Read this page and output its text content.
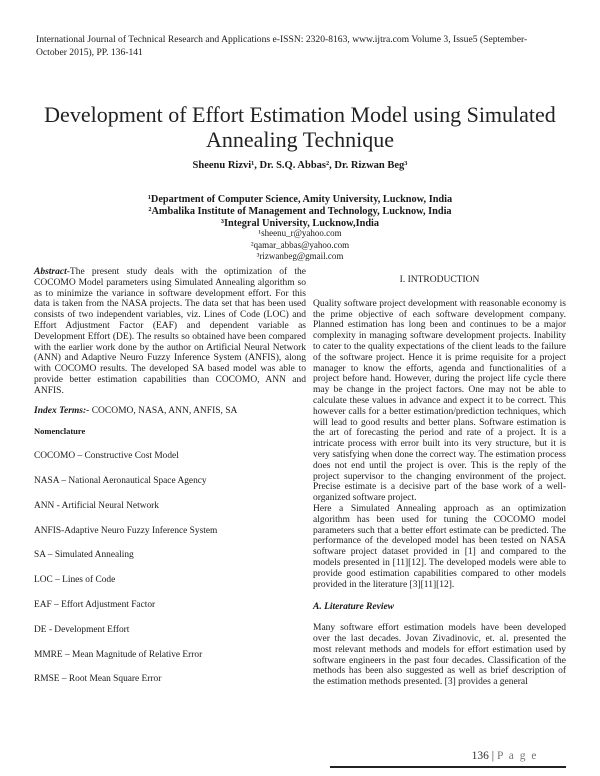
International Journal of Technical Research and Applications e-ISSN: 2320-8163, www.ijtra.com Volume 3, Issue5 (September-October 2015), PP. 136-141
Development of Effort Estimation Model using Simulated Annealing Technique
Sheenu Rizvi¹, Dr. S.Q. Abbas², Dr. Rizwan Beg³
¹Department of Computer Science, Amity University, Lucknow, India
²Ambalika Institute of Management and Technology, Lucknow, India
³Integral University, Lucknow,India
¹sheenu_r@yahoo.com
²qamar_abbas@yahoo.com
³rizwanbeg@gmail.com

Abstract-The present study deals with the optimization of the COCOMO Model parameters using Simulated Annealing algorithm so as to minimize the variance in software development effort. For this data is taken from the NASA projects. The data set that has been used consists of two independent variables, viz. Lines of Code (LOC) and Effort Adjustment Factor (EAF) and dependent variable as Development Effort (DE). The results so obtained have been compared with the earlier work done by the author on Artificial Neural Network (ANN) and Adaptive Neuro Fuzzy Inference System (ANFIS), along with COCOMO results. The developed SA based model was able to provide better estimation capabilities than COCOMO, ANN and ANFIS.

Index Terms:- COCOMO, NASA, ANN, ANFIS, SA

Nomenclature
COCOMO – Constructive Cost Model
NASA – National Aeronautical Space Agency
ANN - Artificial Neural Network
ANFIS-Adaptive Neuro Fuzzy Inference System
SA – Simulated Annealing
LOC – Lines of Code
EAF – Effort Adjustment Factor
DE - Development Effort
MMRE – Mean Magnitude of Relative Error
RMSE – Root Mean Square Error
I. INTRODUCTION

Quality software project development with reasonable economy is the prime objective of each software development company. Planned estimation has long been and continues to be a major complexity in managing software development projects. Inability to cater to the quality expectations of the client leads to the failure of the software project. Hence it is prime requisite for a project manager to know the efforts, agenda and functionalities of a project before hand. However, during the project life cycle there may be change in the project factors. One may not be able to calculate these values in advance and expect it to be correct. This however calls for a better estimation/prediction techniques, which will lead to good results and better plans. Software estimation is the art of forecasting the period and rate of a project. It is a intricate process with error built into its very structure, but it is very satisfying when done the correct way. The estimation process does not end until the project is over. This is the reply of the project supervisor to the changing environment of the project. Precise estimate is a decisive part of the base work of a well-organized software project.

Here a Simulated Annealing approach as an optimization algorithm has been used for tuning the COCOMO model parameters such that a better effort estimate can be predicted. The performance of the developed model has been tested on NASA software project dataset provided in [1] and compared to the models presented in [11][12]. The developed models were able to provide good estimation capabilities compared to other models provided in the literature [3][11][12].

A. Literature Review

Many software effort estimation models have been developed over the last decades. Jovan Zivadinovic, et. al. presented the most relevant methods and models for effort estimation used by software engineers in the past four decades. Classification of the methods has been also suggested as well as brief description of the estimation methods presented. [3] provides a general

136 | P a g e
